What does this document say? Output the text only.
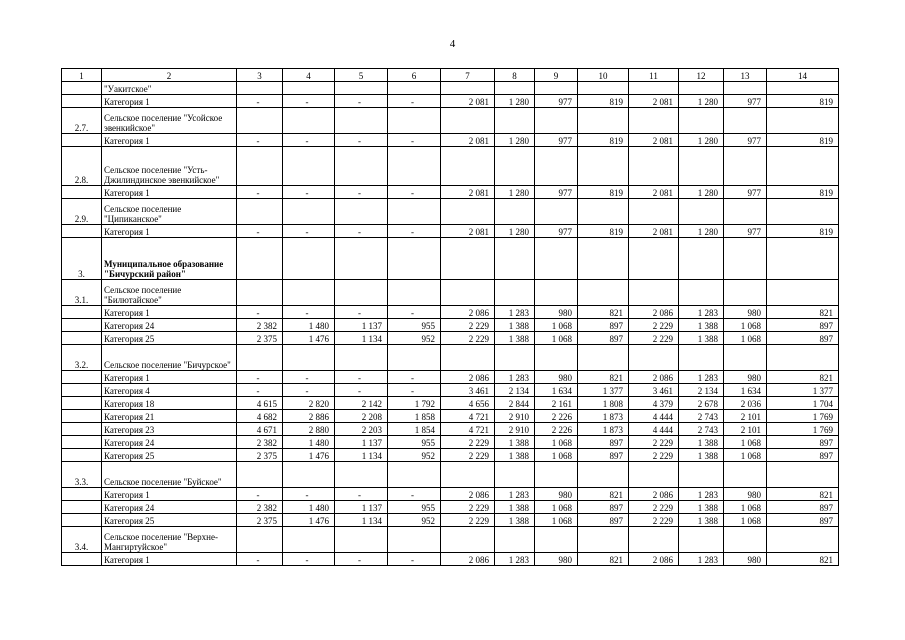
4
1	2	3	4	5	6	7	8	9	10	11	12	13	14
	"Уакитское"												
	Категория 1	-	-	-	-	2 081	1 280	977	819	2 081	1 280	977	819
2.7.	Сельское поселение "Усойское эвенкийское"												
	Категория 1	-	-	-	-	2 081	1 280	977	819	2 081	1 280	977	819
2.8.	Сельское поселение "Усть-Джилиндинское эвенкийское"												
	Категория 1	-	-	-	-	2 081	1 280	977	819	2 081	1 280	977	819
2.9.	Сельское поселение "Ципиканское"												
	Категория 1	-	-	-	-	2 081	1 280	977	819	2 081	1 280	977	819
3.	Муниципальное образование "Бичурский район"												
3.1.	Сельское поселение "Билютайское"												
	Категория 1	-	-	-	-	2 086	1 283	980	821	2 086	1 283	980	821
	Категория 24	2 382	1 480	1 137	955	2 229	1 388	1 068	897	2 229	1 388	1 068	897
	Категория 25	2 375	1 476	1 134	952	2 229	1 388	1 068	897	2 229	1 388	1 068	897
3.2.	Сельское поселение "Бичурское"												
	Категория 1	-	-	-	-	2 086	1 283	980	821	2 086	1 283	980	821
	Категория 4	-	-	-	-	3 461	2 134	1 634	1 377	3 461	2 134	1 634	1 377
	Категория 18	4 615	2 820	2 142	1 792	4 656	2 844	2 161	1 808	4 379	2 678	2 036	1 704
	Категория 21	4 682	2 886	2 208	1 858	4 721	2 910	2 226	1 873	4 444	2 743	2 101	1 769
	Категория 23	4 671	2 880	2 203	1 854	4 721	2 910	2 226	1 873	4 444	2 743	2 101	1 769
	Категория 24	2 382	1 480	1 137	955	2 229	1 388	1 068	897	2 229	1 388	1 068	897
	Категория 25	2 375	1 476	1 134	952	2 229	1 388	1 068	897	2 229	1 388	1 068	897
3.3.	Сельское поселение "Буйское"												
	Категория 1	-	-	-	-	2 086	1 283	980	821	2 086	1 283	980	821
	Категория 24	2 382	1 480	1 137	955	2 229	1 388	1 068	897	2 229	1 388	1 068	897
	Категория 25	2 375	1 476	1 134	952	2 229	1 388	1 068	897	2 229	1 388	1 068	897
3.4.	Сельское поселение "Верхне-Мангиртуйское"												
	Категория 1	-	-	-	-	2 086	1 283	980	821	2 086	1 283	980	821
